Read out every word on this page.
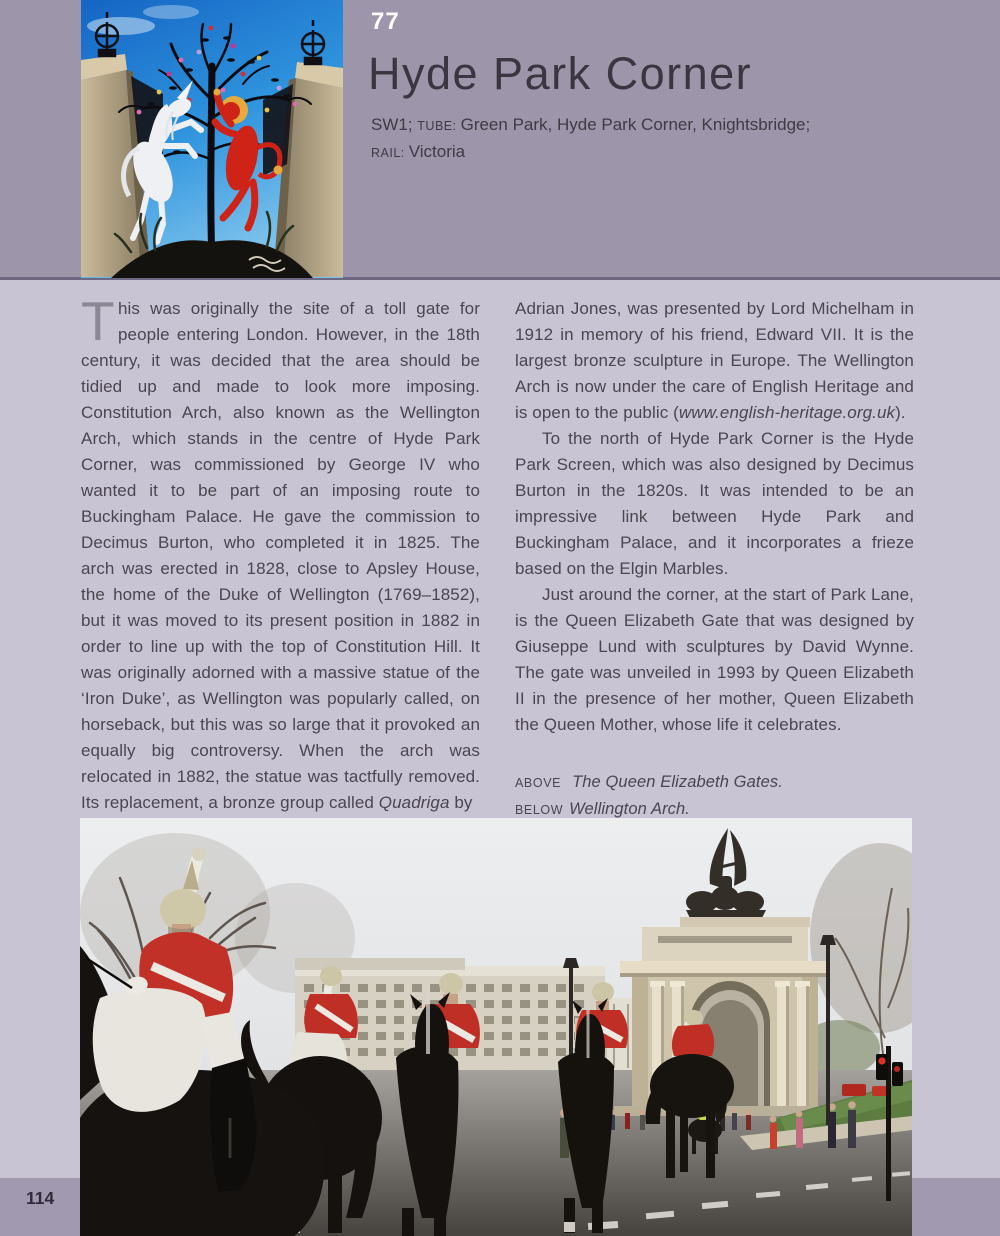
77
Hyde Park Corner
SW1; TUBE: Green Park, Hyde Park Corner, Knightsbridge;
RAIL: Victoria

This was originally the site of a toll gate for people entering London. However, in the 18th century, it was decided that the area should be tidied up and made to look more imposing. Constitution Arch, also known as the Wellington Arch, which stands in the centre of Hyde Park Corner, was commissioned by George IV who wanted it to be part of an imposing route to Buckingham Palace. He gave the commission to Decimus Burton, who completed it in 1825. The arch was erected in 1828, close to Apsley House, the home of the Duke of Wellington (1769–1852), but it was moved to its present position in 1882 in order to line up with the top of Constitution Hill. It was originally adorned with a massive statue of the ‘Iron Duke’, as Wellington was popularly called, on horseback, but this was so large that it provoked an equally big controversy. When the arch was relocated in 1882, the statue was tactfully removed. Its replacement, a bronze group called Quadriga by

Adrian Jones, was presented by Lord Michelham in 1912 in memory of his friend, Edward VII. It is the largest bronze sculpture in Europe. The Wellington Arch is now under the care of English Heritage and is open to the public (www.english-heritage.org.uk).

To the north of Hyde Park Corner is the Hyde Park Screen, which was also designed by Decimus Burton in the 1820s. It was intended to be an impressive link between Hyde Park and Buckingham Palace, and it incorporates a frieze based on the Elgin Marbles.

Just around the corner, at the start of Park Lane, is the Queen Elizabeth Gate that was designed by Giuseppe Lund with sculptures by David Wynne. The gate was unveiled in 1993 by Queen Elizabeth II in the presence of her mother, Queen Elizabeth the Queen Mother, whose life it celebrates.

ABOVE The Queen Elizabeth Gates.
BELOW Wellington Arch.
114
